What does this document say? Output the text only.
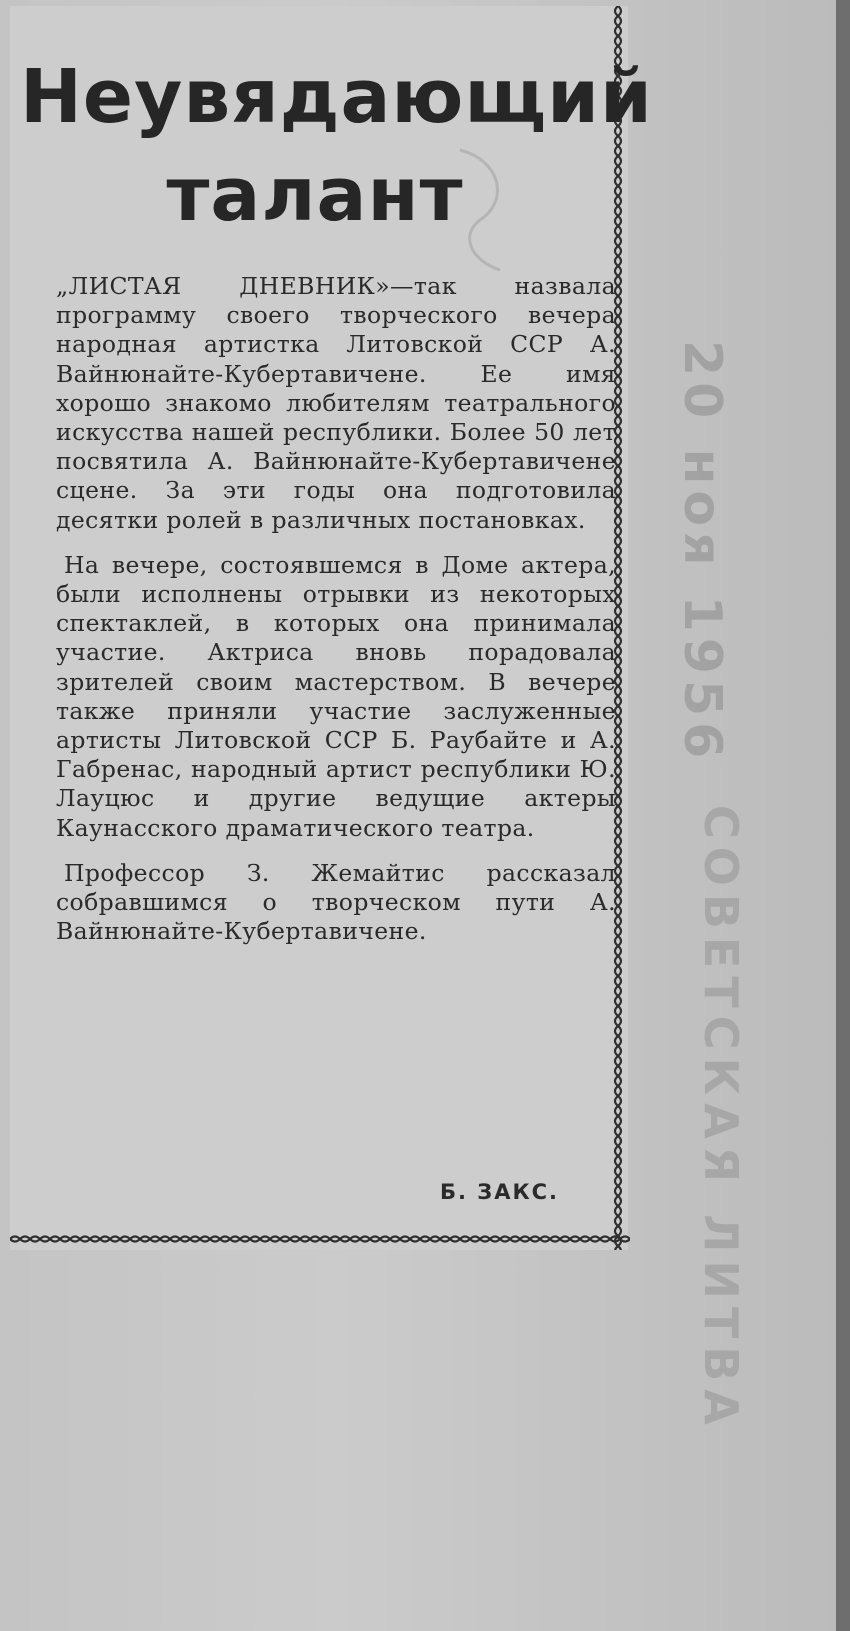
Неувядающий
талант

„ЛИСТАЯ ДНЕВНИК»—так назвала программу своего творческого вечера народная артистка Литовской ССР А. Вайнюнайте-Кубертавичене. Ее имя хорошо знакомо любителям театрального искусства нашей республики. Более 50 лет посвятила А. Вайнюнайте-Кубертавичене сцене. За эти годы она подготовила десятки ролей в различных постановках.

На вечере, состоявшемся в Доме актера, были исполнены отрывки из некоторых спектаклей, в которых она принимала участие. Актриса вновь порадовала зрителей своим мастерством. В вечере также приняли участие заслуженные артисты Литовской ССР Б. Раубайте и А. Габренас, народный артист республики Ю. Лауцюс и другие ведущие актеры Каунасского драматического театра.

Профессор З. Жемайтис рассказал собравшимся о творческом пути А. Вайнюнайте-Кубертавичене.

Б. ЗАКС.
20 ноя 1956
СОВЕТСКАЯ ЛИТВА
